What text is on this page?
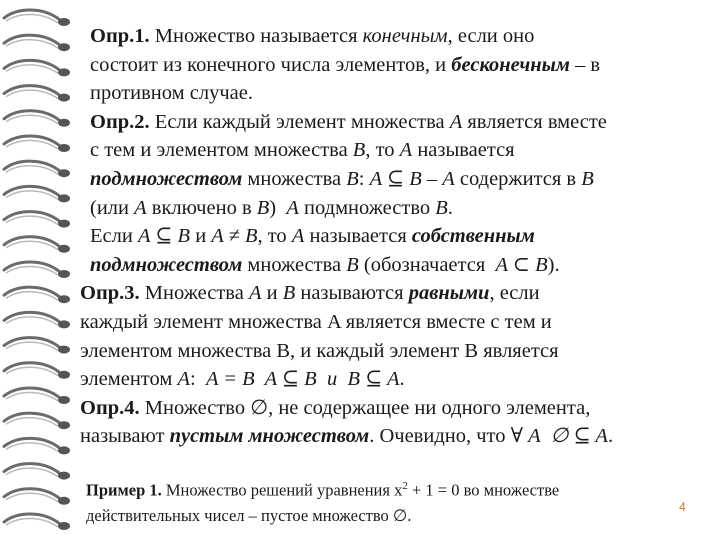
Опр.1. Множество называется конечным, если оно
состоит из конечного числа элементов, и бесконечным – в
противном случае.
Опр.2. Если каждый элемент множества A является вместе
с тем и элементом множества B, то A называется
подмножеством множества B: A ⊆ B – A содержится в B
(или A включено в B)  A подмножество B.
Если A ⊆ B и A ≠ B, то A называется собственным
подмножеством множества B (обозначается  A ⊂ B).
Опр.3. Множества A и B называются равными, если
каждый элемент множества A является вместе с тем и
элементом множества B, и каждый элемент B является
элементом A:  A = B  A ⊆ B  и  B ⊆ A.
Опр.4. Множество ∅, не содержащее ни одного элемента,
называют пустым множеством. Очевидно, что ∀ A  ∅ ⊆ A.
Пример 1. Множество решений уравнения $x^2 + 1 = 0$ во множестве
действительных чисел – пустое множество ∅.	4
